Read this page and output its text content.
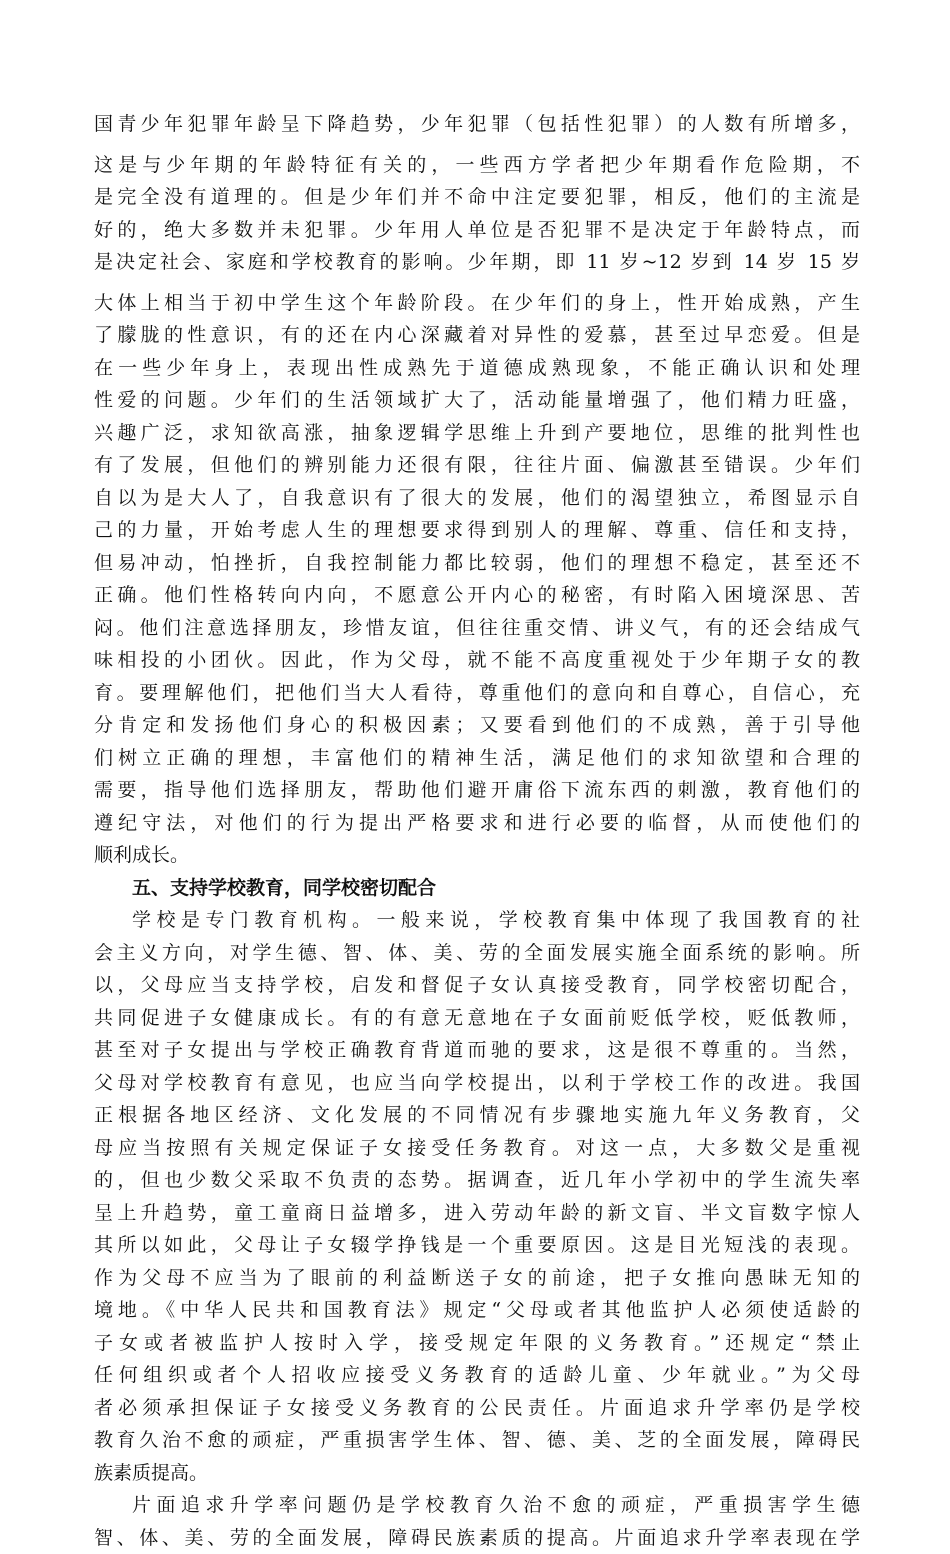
国青少年犯罪年龄呈下降趋势，少年犯罪（包括性犯罪）的人数有所增多，
这是与少年期的年龄特征有关的，一些西方学者把少年期看作危险期，不
是完全没有道理的。但是少年们并不命中注定要犯罪，相反，他们的主流是
好的，绝大多数并未犯罪。少年用人单位是否犯罪不是决定于年龄特点，而
是决定社会、家庭和学校教育的影响。少年期，即 11 岁~12 岁到 14 岁 15 岁
大体上相当于初中学生这个年龄阶段。在少年们的身上，性开始成熟，产生
了朦胧的性意识，有的还在内心深藏着对异性的爱慕，甚至过早恋爱。但是
在一些少年身上，表现出性成熟先于道德成熟现象，不能正确认识和处理
性爱的问题。少年们的生活领域扩大了，活动能量增强了，他们精力旺盛，
兴趣广泛，求知欲高涨，抽象逻辑学思维上升到产要地位，思维的批判性也
有了发展，但他们的辨别能力还很有限，往往片面、偏激甚至错误。少年们
自以为是大人了，自我意识有了很大的发展，他们的渴望独立，希图显示自
己的力量，开始考虑人生的理想要求得到别人的理解、尊重、信任和支持，
但易冲动，怕挫折，自我控制能力都比较弱，他们的理想不稳定，甚至还不
正确。他们性格转向内向，不愿意公开内心的秘密，有时陷入困境深思、苦
闷。他们注意选择朋友，珍惜友谊，但往往重交情、讲义气，有的还会结成气
味相投的小团伙。因此，作为父母，就不能不高度重视处于少年期子女的教
育。要理解他们，把他们当大人看待，尊重他们的意向和自尊心，自信心，充
分肯定和发扬他们身心的积极因素；又要看到他们的不成熟，善于引导他
们树立正确的理想，丰富他们的精神生活，满足他们的求知欲望和合理的
需要，指导他们选择朋友，帮助他们避开庸俗下流东西的刺激，教育他们的
遵纪守法，对他们的行为提出严格要求和进行必要的临督，从而使他们的
顺利成长。
五、支持学校教育，同学校密切配合
学校是专门教育机构。一般来说，学校教育集中体现了我国教育的社
会主义方向，对学生德、智、体、美、劳的全面发展实施全面系统的影响。所
以，父母应当支持学校，启发和督促子女认真接受教育，同学校密切配合，
共同促进子女健康成长。有的有意无意地在子女面前贬低学校，贬低教师，
甚至对子女提出与学校正确教育背道而驰的要求，这是很不尊重的。当然，
父母对学校教育有意见，也应当向学校提出，以利于学校工作的改进。我国
正根据各地区经济、文化发展的不同情况有步骤地实施九年义务教育，父
母应当按照有关规定保证子女接受任务教育。对这一点，大多数父是重视
的，但也少数父采取不负责的态势。据调查，近几年小学初中的学生流失率
呈上升趋势，童工童商日益增多，进入劳动年龄的新文盲、半文盲数字惊人
其所以如此，父母让子女辍学挣钱是一个重要原因。这是目光短浅的表现。
作为父母不应当为了眼前的利益断送子女的前途，把子女推向愚昧无知的
境地。《中华人民共和国教育法》规定“父母或者其他监护人必须使适龄的
子女或者被监护人按时入学，接受规定年限的义务教育。”还规定“禁止
任何组织或者个人招收应接受义务教育的适龄儿童、少年就业。”为父母
者必须承担保证子女接受义务教育的公民责任。片面追求升学率仍是学校
教育久治不愈的顽症，严重损害学生体、智、德、美、芝的全面发展，障碍民
族素质提高。
片面追求升学率问题仍是学校教育久治不愈的顽症，严重损害学生德
智、体、美、劳的全面发展，障碍民族素质的提高。片面追求升学率表现在学
